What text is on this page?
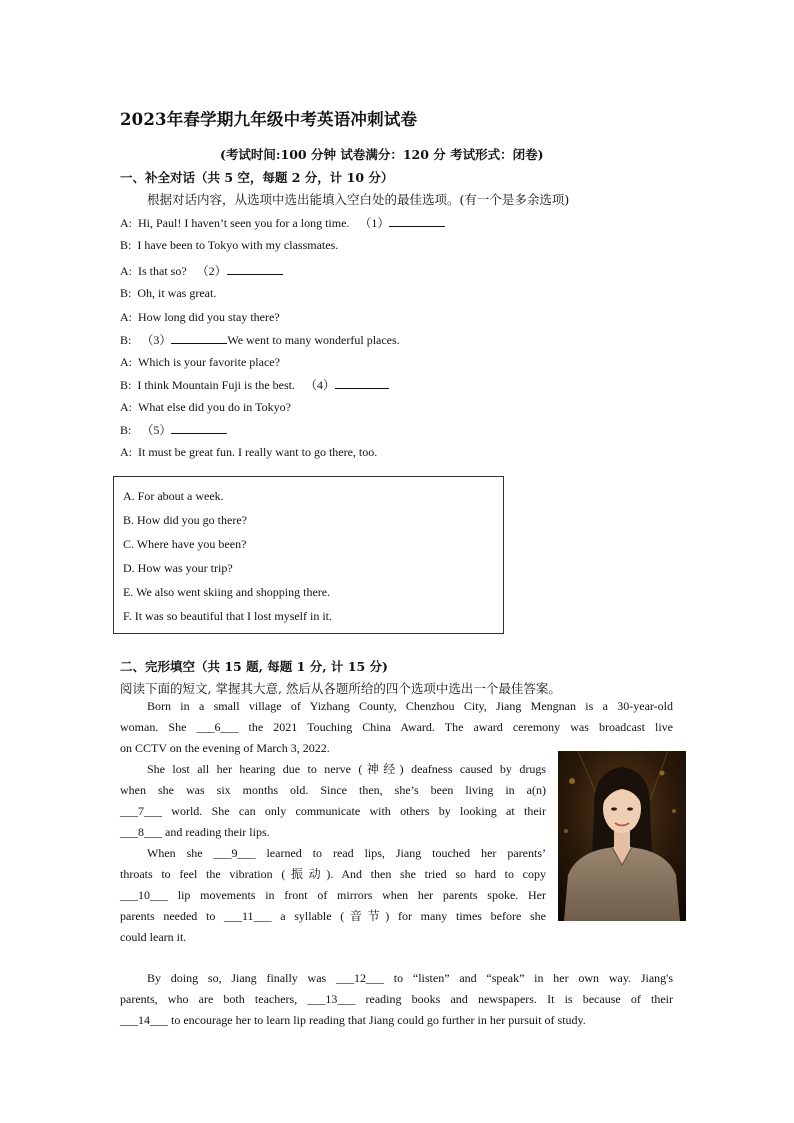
2023年春学期九年级中考英语冲刺试卷
(考试时间:100 分钟 试卷满分：120 分 考试形式：闭卷)
一、补全对话（共 5 空，每题 2 分，计 10 分）
根据对话内容，从选项中选出能填入空白处的最佳选项。(有一个是多余选项)
A: Hi, Paul! I haven’t seen you for a long time. （1）
B: I have been to Tokyo with my classmates.
A: Is that so? （2）
B: Oh, it was great.
A: How long did you stay there?
B: （3）	We went to many wonderful places.
A: Which is your favorite place?
B: I think Mountain Fuji is the best. （4）
A: What else did you do in Tokyo?
B: （5）
A: It must be great fun. I really want to go there, too.
A. For about a week.
B. How did you go there?
C. Where have you been?
D. How was your trip?
E. We also went skiing and shopping there.
F. It was so beautiful that I lost myself in it.
二、完形填空（共 15 题, 每题 1 分, 计 15 分)
阅读下面的短文, 掌握其大意, 然后从各题所给的四个选项中选出一个最佳答案。
Born in a small village of Yizhang County, Chenzhou City, Jiang Mengnan is a 30-year-old
woman. She ___6___ the 2021 Touching China Award. The award ceremony was broadcast live
on CCTV on the evening of March 3, 2022.
She lost all her hearing due to nerve (神经) deafness caused by drugs
when she was six months old. Since then, she’s been living in a(n)
___7___ world. She can only communicate with others by looking at their
___8___ and reading their lips.
When she ___9___ learned to read lips, Jiang touched her parents’
throats to feel the vibration (振动). And then she tried so hard to copy
___10___ lip movements in front of mirrors when her parents spoke. Her
parents needed to ___11___ a syllable (音节) for many times before she
could learn it.
By doing so, Jiang finally was ___12___ to “listen” and “speak” in her own way. Jiang's
parents, who are both teachers, ___13___ reading books and newspapers. It is because of their
___14___ to encourage her to learn lip reading that Jiang could go further in her pursuit of study.
